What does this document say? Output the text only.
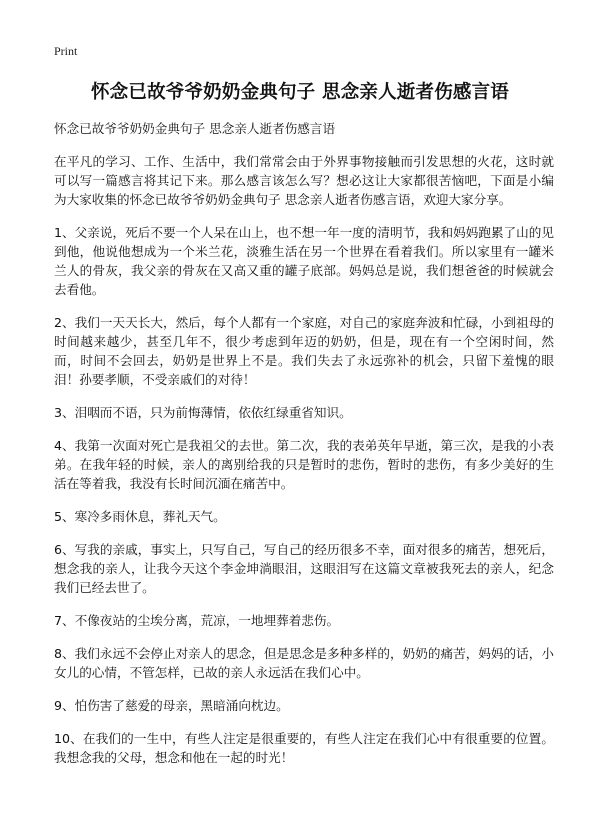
Print
怀念已故爷爷奶奶金典句子 思念亲人逝者伤感言语
怀念已故爷爷奶奶金典句子 思念亲人逝者伤感言语

在平凡的学习、工作、生活中，我们常常会由于外界事物接触而引发思想的火花，这时就可以写一篇感言将其记下来。那么感言该怎么写？想必这让大家都很苦恼吧，下面是小编为大家收集的怀念已故爷爷奶奶金典句子 思念亲人逝者伤感言语，欢迎大家分享。

1、父亲说，死后不要一个人呆在山上，也不想一年一度的清明节，我和妈妈跑累了山的见到他，他说他想成为一个米兰花，淡雅生活在另一个世界在看着我们。所以家里有一罐米兰人的骨灰，我父亲的骨灰在又高又重的罐子底部。妈妈总是说，我们想爸爸的时候就会去看他。

2、我们一天天长大，然后，每个人都有一个家庭，对自己的家庭奔波和忙碌，小到祖母的时间越来越少，甚至几年不，很少考虑到年迈的奶奶，但是，现在有一个空闲时间，然而，时间不会回去，奶奶是世界上不是。我们失去了永远弥补的机会，只留下羞愧的眼泪！孙要孝顺，不受亲戚们的对待！

3、泪咽而不语，只为前悔薄情，依依红绿重省知识。

4、我第一次面对死亡是我祖父的去世。第二次，我的表弟英年早逝，第三次，是我的小表弟。在我年轻的时候，亲人的离别给我的只是暂时的悲伤，暂时的悲伤，有多少美好的生活在等着我，我没有长时间沉湎在痛苦中。

5、寒冷多雨休息，葬礼天气。

6、写我的亲戚，事实上，只写自己，写自己的经历很多不幸，面对很多的痛苦，想死后，想念我的亲人，让我今天这个李金坤淌眼泪，这眼泪写在这篇文章被我死去的亲人，纪念我们已经去世了。

7、不像夜站的尘埃分离，荒凉，一地埋葬着悲伤。

8、我们永远不会停止对亲人的思念，但是思念是多种多样的，奶奶的痛苦，妈妈的话，小女儿的心情，不管怎样，已故的亲人永远活在我们心中。

9、怕伤害了慈爱的母亲，黑暗涌向枕边。

10、在我们的一生中，有些人注定是很重要的，有些人注定在我们心中有很重要的位置。我想念我的父母，想念和他在一起的时光！
